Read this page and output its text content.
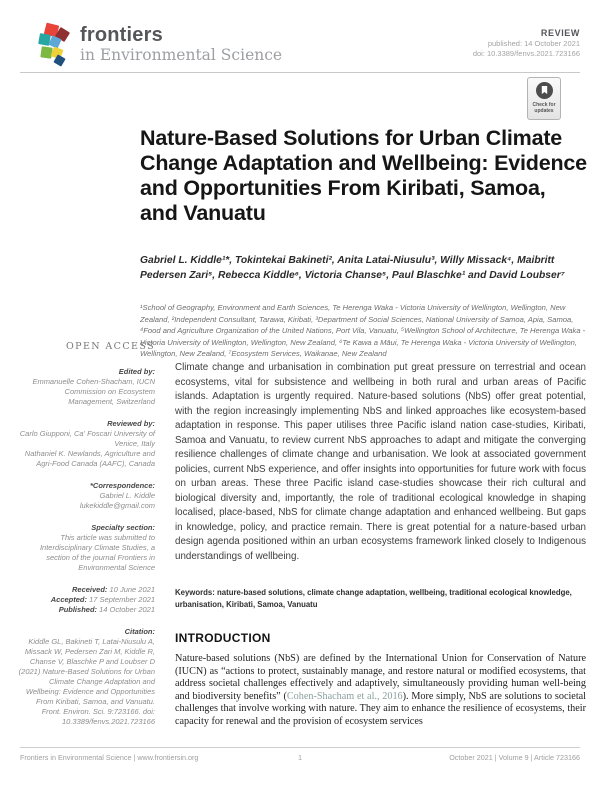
frontiers
in Environmental Science
REVIEW
published: 14 October 2021
doi: 10.3389/fenvs.2021.723166
Check for updates
Nature-Based Solutions for Urban Climate Change Adaptation and Wellbeing: Evidence and Opportunities From Kiribati, Samoa, and Vanuatu
Gabriel L. Kiddle¹*, Tokintekai Bakineti², Anita Latai-Niusulu³, Willy Missack⁴, Maibritt Pedersen Zari⁵, Rebecca Kiddle⁶, Victoria Chanse⁵, Paul Blaschke¹ and David Loubser⁷
¹School of Geography, Environment and Earth Sciences, Te Herenga Waka - Victoria University of Wellington, Wellington, New Zealand, ²Independent Consultant, Tarawa, Kiribati, ³Department of Social Sciences, National University of Samoa, Apia, Samoa, ⁴Food and Agriculture Organization of the United Nations, Port Vila, Vanuatu, ⁵Wellington School of Architecture, Te Herenga Waka - Victoria University of Wellington, Wellington, New Zealand, ⁶Te Kawa a Māui, Te Herenga Waka - Victoria University of Wellington, Wellington, New Zealand, ⁷Ecosystem Services, Waikanae, New Zealand
OPEN ACCESS
Edited by:
Emmanuelle Cohen-Shacham, IUCN Commission on Ecosystem Management, Switzerland
Reviewed by:
Carlo Giupponi, Ca' Foscari University of Venice, Italy
Nathaniel K. Newlands, Agriculture and Agri-Food Canada (AAFC), Canada
*Correspondence:
Gabriel L. Kiddle
lukekiddle@gmail.com
Specialty section:
This article was submitted to Interdisciplinary Climate Studies, a section of the journal Frontiers in Environmental Science
Received: 10 June 2021
Accepted: 17 September 2021
Published: 14 October 2021
Citation:
Kiddle GL, Bakineti T, Latai-Niusulu A, Missack W, Pedersen Zari M, Kiddle R, Chanse V, Blaschke P and Loubser D (2021) Nature-Based Solutions for Urban Climate Change Adaptation and Wellbeing: Evidence and Opportunities From Kiribati, Samoa, and Vanuatu. Front. Environ. Sci. 9:723166. doi: 10.3389/fenvs.2021.723166
Climate change and urbanisation in combination put great pressure on terrestrial and ocean ecosystems, vital for subsistence and wellbeing in both rural and urban areas of Pacific islands. Adaptation is urgently required. Nature-based solutions (NbS) offer great potential, with the region increasingly implementing NbS and linked approaches like ecosystem-based adaptation in response. This paper utilises three Pacific island nation case-studies, Kiribati, Samoa and Vanuatu, to review current NbS approaches to adapt and mitigate the converging resilience challenges of climate change and urbanisation. We look at associated government policies, current NbS experience, and offer insights into opportunities for future work with focus on urban areas. These three Pacific island case-studies showcase their rich cultural and biological diversity and, importantly, the role of traditional ecological knowledge in shaping localised, place-based, NbS for climate change adaptation and enhanced wellbeing. But gaps in knowledge, policy, and practice remain. There is great potential for a nature-based urban design agenda positioned within an urban ecosystems framework linked closely to Indigenous understandings of wellbeing.
Keywords: nature-based solutions, climate change adaptation, wellbeing, traditional ecological knowledge, urbanisation, Kiribati, Samoa, Vanuatu
INTRODUCTION
Nature-based solutions (NbS) are defined by the International Union for Conservation of Nature (IUCN) as “actions to protect, sustainably manage, and restore natural or modified ecosystems, that address societal challenges effectively and adaptively, simultaneously providing human well-being and biodiversity benefits” (Cohen-Shacham et al., 2016). More simply, NbS are solutions to societal challenges that involve working with nature. They aim to enhance the resilience of ecosystems, their capacity for renewal and the provision of ecosystem services
Frontiers in Environmental Science | www.frontiersin.org	1	October 2021 | Volume 9 | Article 723166
